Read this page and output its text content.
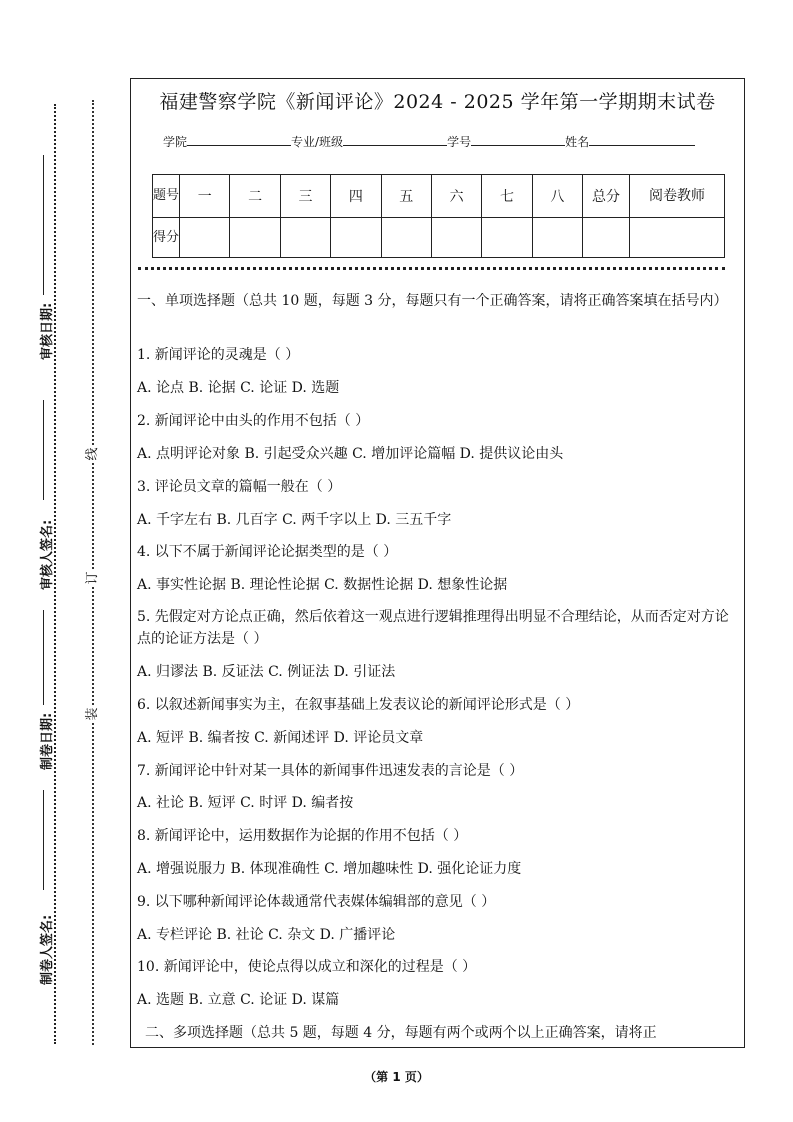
线
订
装
审核日期:
审核人签名:
制卷日期:
制卷人签名:
福建警察学院《新闻评论》2024 - 2025 学年第一学期期末试卷
学院	专业/班级	学号	姓名
题号	一	二	三	四	五	六	七	八	总分	阅卷教师
得分										
一、单项选择题（总共 10 题，每题 3 分，每题只有一个正确答案，请将正确答案填在括号内）
1. 新闻评论的灵魂是（ ）
A. 论点 B. 论据 C. 论证 D. 选题
2. 新闻评论中由头的作用不包括（ ）
A. 点明评论对象 B. 引起受众兴趣 C. 增加评论篇幅 D. 提供议论由头
3. 评论员文章的篇幅一般在（ ）
A. 千字左右 B. 几百字 C. 两千字以上 D. 三五千字
4. 以下不属于新闻评论论据类型的是（ ）
A. 事实性论据 B. 理论性论据 C. 数据性论据 D. 想象性论据
5. 先假定对方论点正确，然后依着这一观点进行逻辑推理得出明显不合理结论，从而否定对方论点的论证方法是（ ）
A. 归谬法 B. 反证法 C. 例证法 D. 引证法
6. 以叙述新闻事实为主，在叙事基础上发表议论的新闻评论形式是（ ）
A. 短评 B. 编者按 C. 新闻述评 D. 评论员文章
7. 新闻评论中针对某一具体的新闻事件迅速发表的言论是（ ）
A. 社论 B. 短评 C. 时评 D. 编者按
8. 新闻评论中，运用数据作为论据的作用不包括（ ）
A. 增强说服力 B. 体现准确性 C. 增加趣味性 D. 强化论证力度
9. 以下哪种新闻评论体裁通常代表媒体编辑部的意见（ ）
A. 专栏评论 B. 社论 C. 杂文 D. 广播评论
10. 新闻评论中，使论点得以成立和深化的过程是（ ）
A. 选题 B. 立意 C. 论证 D. 谋篇
二、多项选择题（总共 5 题，每题 4 分，每题有两个或两个以上正确答案，请将正
（第 1 页）
